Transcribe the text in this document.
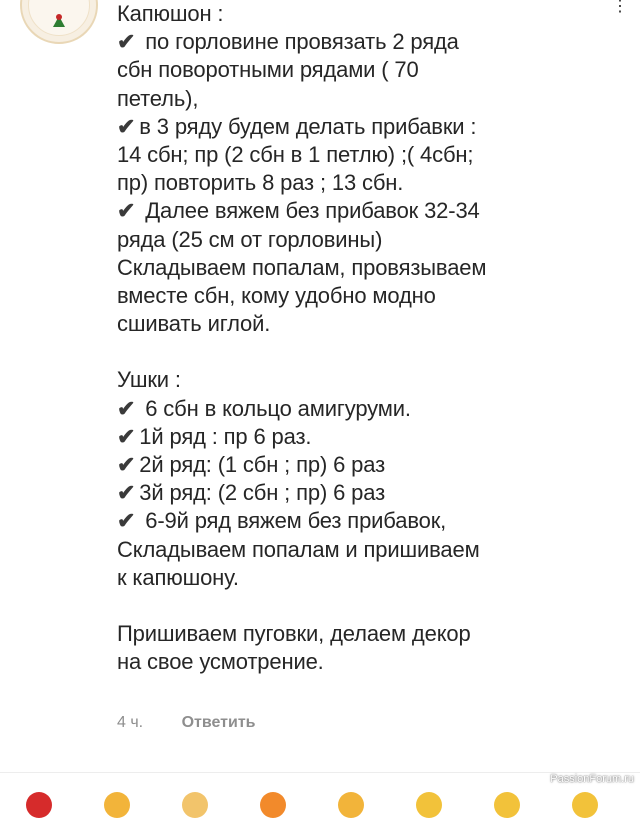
⋮
Капюшон :
✔ по горловине провязать 2 ряда
сбн поворотными рядами ( 70
петель),
✔ в 3 ряду будем делать прибавки :
14 сбн; пр (2 сбн в 1 петлю) ;( 4сбн;
пр) повторить 8 раз ; 13 сбн.
✔ Далее вяжем без прибавок 32-34
ряда (25 см от горловины)
Складываем попалам, провязываем
вместе сбн, кому удобно модно
сшивать иглой.
Ушки :
✔ 6 сбн в кольцо амигуруми.
✔ 1й ряд : пр 6 раз.
✔ 2й ряд: (1 сбн ; пр) 6 раз
✔ 3й ряд: (2 сбн ; пр) 6 раз
✔ 6-9й ряд вяжем без прибавок,
Складываем попалам и пришиваем
к капюшону.
Пришиваем пуговки, делаем декор
на свое усмотрение.
4 ч. Ответить
PassionForum.ru
